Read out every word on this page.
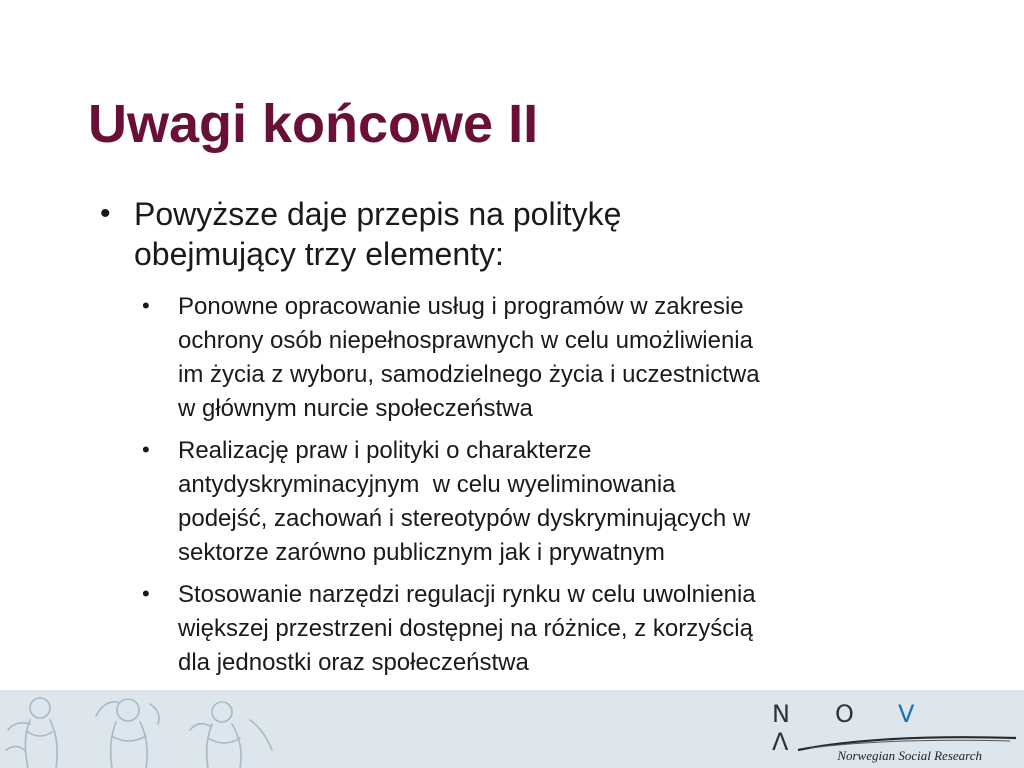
Uwagi końcowe II
• Powyższe daje przepis na politykę
obejmujący trzy elementy:
• Ponowne opracowanie usług i programów w zakresie
ochrony osób niepełnosprawnych w celu umożliwienia
im życia z wyboru, samodzielnego życia i uczestnictwa
w głównym nurcie społeczeństwa
• Realizację praw i polityki o charakterze
antydyskryminacyjnym  w celu wyeliminowania
podejść, zachowań i stereotypów dyskryminujących w
sektorze zarówno publicznym jak i prywatnym
• Stosowanie narzędzi regulacji rynku w celu uwolnienia
większej przestrzeni dostępnej na różnice, z korzyścią
dla jednostki oraz społeczeństwa
N O VΛ	Norwegian Social Research
